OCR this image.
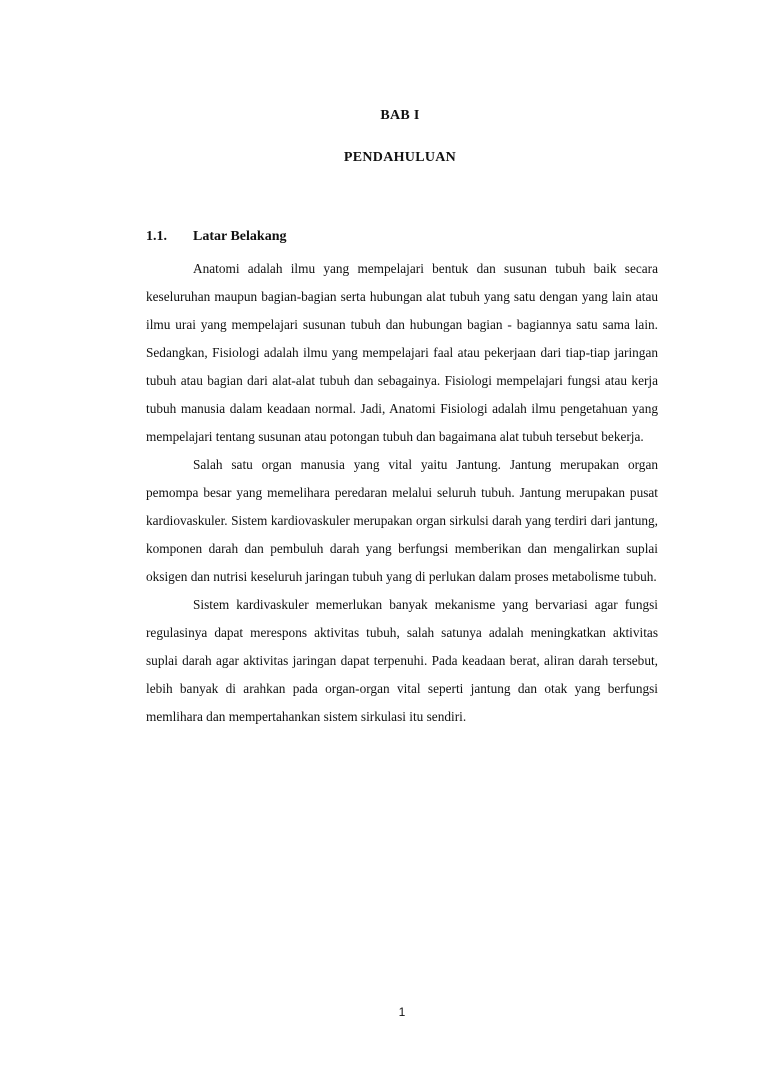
BAB I
PENDAHULUAN
1.1. Latar Belakang

Anatomi adalah ilmu yang mempelajari bentuk dan susunan tubuh baik secara keseluruhan maupun bagian-bagian serta hubungan alat tubuh yang satu dengan yang lain atau ilmu urai yang mempelajari susunan tubuh dan hubungan bagian - bagiannya satu sama lain. Sedangkan, Fisiologi adalah ilmu yang mempelajari faal atau pekerjaan dari tiap-tiap jaringan tubuh atau bagian dari alat-alat tubuh dan sebagainya. Fisiologi mempelajari fungsi atau kerja tubuh manusia dalam keadaan normal. Jadi, Anatomi Fisiologi adalah ilmu pengetahuan yang mempelajari tentang susunan atau potongan tubuh dan bagaimana alat tubuh tersebut bekerja.

Salah satu organ manusia yang vital yaitu Jantung. Jantung merupakan organ pemompa besar yang memelihara peredaran melalui seluruh tubuh. Jantung merupakan pusat kardiovaskuler. Sistem kardiovaskuler merupakan organ sirkulsi darah yang terdiri dari jantung, komponen darah dan pembuluh darah yang berfungsi memberikan dan mengalirkan suplai oksigen dan nutrisi keseluruh jaringan tubuh yang di perlukan dalam proses metabolisme tubuh.

Sistem kardivaskuler memerlukan banyak mekanisme yang bervariasi agar fungsi regulasinya dapat merespons aktivitas tubuh, salah satunya adalah meningkatkan aktivitas suplai darah agar aktivitas jaringan dapat terpenuhi. Pada keadaan berat, aliran darah tersebut, lebih banyak di arahkan pada organ-organ vital seperti jantung dan otak yang berfungsi memlihara dan mempertahankan sistem sirkulasi itu sendiri.

1
